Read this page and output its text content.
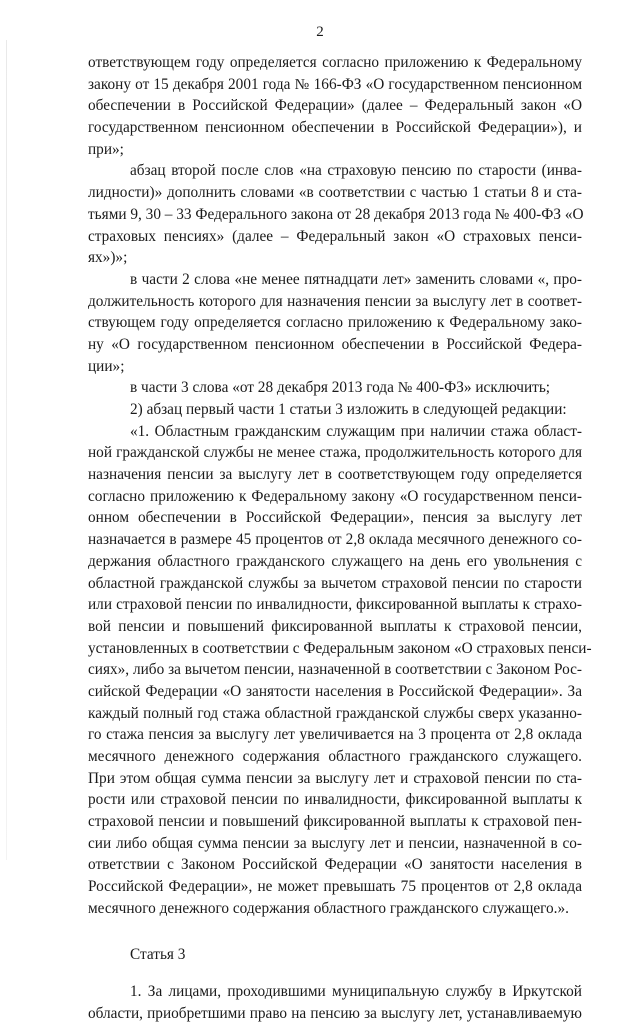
2
ответствующем году определяется согласно приложению к Федеральному
закону от 15 декабря 2001 года № 166-ФЗ «О государственном пенсионном
обеспечении в Российской Федерации» (далее – Федеральный закон «О
государственном пенсионном обеспечении в Российской Федерации»), и
при»;
абзац второй после слов «на страховую пенсию по старости (инва-
лидности)» дополнить словами «в соответствии с частью 1 статьи 8 и ста-
тьями 9, 30 – 33 Федерального закона от 28 декабря 2013 года № 400-ФЗ «О
страховых пенсиях» (далее – Федеральный закон «О страховых пенси-
ях»)»;
в части 2 слова «не менее пятнадцати лет» заменить словами «, про-
должительность которого для назначения пенсии за выслугу лет в соответ-
ствующем году определяется согласно приложению к Федеральному зако-
ну «О государственном пенсионном обеспечении в Российской Федера-
ции»;
в части 3 слова «от 28 декабря 2013 года № 400-ФЗ» исключить;
2) абзац первый части 1 статьи 3 изложить в следующей редакции:
«1. Областным гражданским служащим при наличии стажа област-
ной гражданской службы не менее стажа, продолжительность которого для
назначения пенсии за выслугу лет в соответствующем году определяется
согласно приложению к Федеральному закону «О государственном пенси-
онном обеспечении в Российской Федерации», пенсия за выслугу лет
назначается в размере 45 процентов от 2,8 оклада месячного денежного со-
держания областного гражданского служащего на день его увольнения с
областной гражданской службы за вычетом страховой пенсии по старости
или страховой пенсии по инвалидности, фиксированной выплаты к страхо-
вой пенсии и повышений фиксированной выплаты к страховой пенсии,
установленных в соответствии с Федеральным законом «О страховых пенси-
сиях», либо за вычетом пенсии, назначенной в соответствии с Законом Рос-
сийской Федерации «О занятости населения в Российской Федерации». За
каждый полный год стажа областной гражданской службы сверх указанно-
го стажа пенсия за выслугу лет увеличивается на 3 процента от 2,8 оклада
месячного денежного содержания областного гражданского служащего.
При этом общая сумма пенсии за выслугу лет и страховой пенсии по ста-
рости или страховой пенсии по инвалидности, фиксированной выплаты к
страховой пенсии и повышений фиксированной выплаты к страховой пен-
сии либо общая сумма пенсии за выслугу лет и пенсии, назначенной в со-
ответствии с Законом Российской Федерации «О занятости населения в
Российской Федерации», не может превышать 75 процентов от 2,8 оклада
месячного денежного содержания областного гражданского служащего.».
Статья 3
1. За лицами, проходившими муниципальную службу в Иркутской
области, приобретшими право на пенсию за выслугу лет, устанавливаемую
